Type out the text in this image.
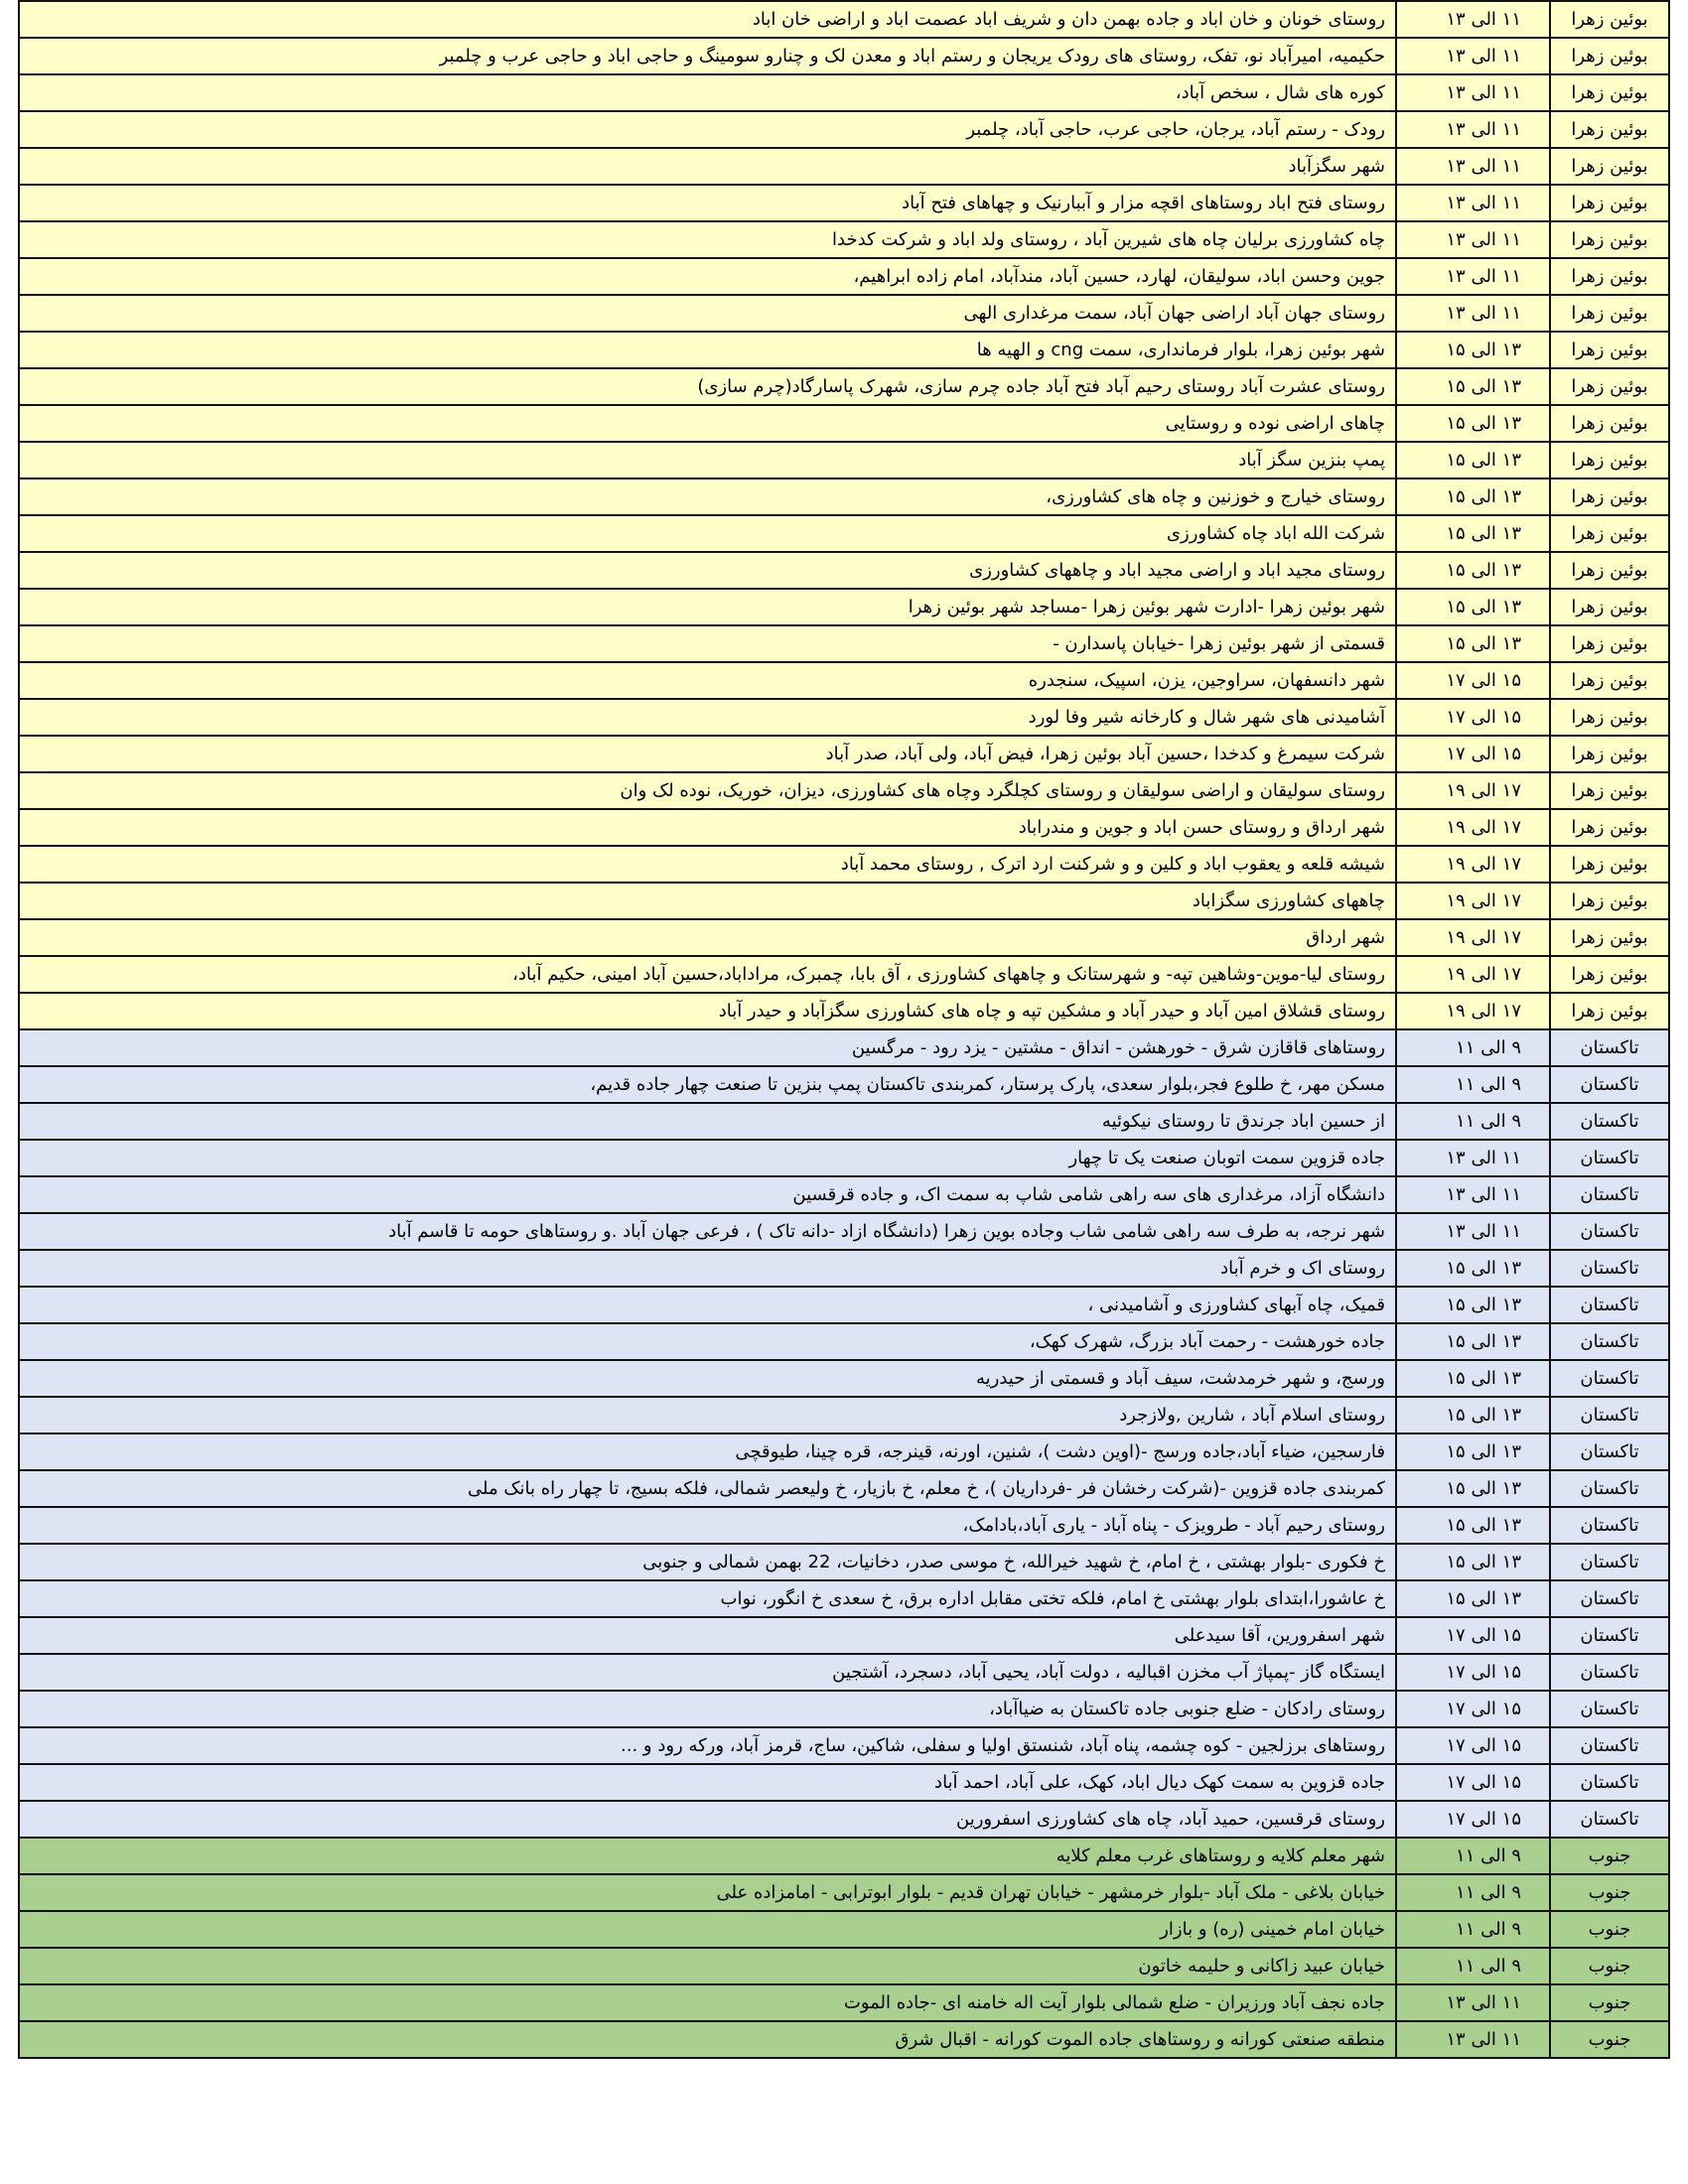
بوئین زهرا	۱۱ الی ۱۳	روستای خونان و خان اباد و جاده بهمن دان و شریف اباد عصمت اباد و اراضی خان اباد
بوئین زهرا	۱۱ الی ۱۳	حکیمیه، امیرآباد نو، تفک، روستای های رودک یریجان و رستم اباد و معدن لک و چنارو سومینگ و حاجی اباد و حاجی عرب و چلمبر
بوئین زهرا	۱۱ الی ۱۳	کوره های شال ، سخص آباد،
بوئین زهرا	۱۱ الی ۱۳	رودک - رستم آباد، یرجان، حاجی عرب، حاجی آباد، چلمبر
بوئین زهرا	۱۱ الی ۱۳	شهر سگزآباد
بوئین زهرا	۱۱ الی ۱۳	روستای فتح اباد روستاهای اقچه مزار و آببارنیک و چهاهای فتح آباد
بوئین زهرا	۱۱ الی ۱۳	چاه کشاورزی برلیان چاه های شیرین آباد ، روستای ولد اباد و شرکت کدخدا
بوئین زهرا	۱۱ الی ۱۳	جوین وحسن اباد، سولیقان، لهارد، حسین آباد، مندآباد، امام زاده ابراهیم،
بوئین زهرا	۱۱ الی ۱۳	روستای جهان آباد اراضی جهان آباد، سمت مرغداری الهی
بوئین زهرا	۱۳ الی ۱۵	شهر بوئین زهرا، بلوار فرمانداری، سمت cng و الهیه ها
بوئین زهرا	۱۳ الی ۱۵	روستای عشرت آباد روستای رحیم آباد فتح آباد جاده چرم سازی، شهرک پاسارگاد(چرم سازی)
بوئین زهرا	۱۳ الی ۱۵	چاهای اراضی نوده و روستایی
بوئین زهرا	۱۳ الی ۱۵	پمپ بنزین سگز آباد
بوئین زهرا	۱۳ الی ۱۵	روستای خیارج و خوزنین و چاه های کشاورزی،
بوئین زهرا	۱۳ الی ۱۵	شرکت الله اباد چاه کشاورزی
بوئین زهرا	۱۳ الی ۱۵	روستای مجید اباد و اراضی مجید اباد و چاههای کشاورزی
بوئین زهرا	۱۳ الی ۱۵	شهر بوئین زهرا -ادارت شهر بوئین زهرا -مساجد شهر بوئین زهرا
بوئین زهرا	۱۳ الی ۱۵	قسمتی از شهر بوئین زهرا -خیابان پاسدارن -
بوئین زهرا	۱۵ الی ۱۷	شهر دانسفهان، سراوجین، یزن، اسپیک، سنجدره
بوئین زهرا	۱۵ الی ۱۷	آشامیدنی های شهر شال و کارخانه شیر وفا لورد
بوئین زهرا	۱۵ الی ۱۷	شرکت سیمرغ و کدخدا ،حسین آباد بوئین زهرا، فیض آباد، ولی آباد، صدر آباد
بوئین زهرا	۱۷ الی ۱۹	روستای سولیقان و اراضی سولیقان و روستای کچلگرد وچاه های کشاورزی، دیزان، خوریک، نوده لک وان
بوئین زهرا	۱۷ الی ۱۹	شهر ارداق و روستای حسن اباد و جوین و مندراباد
بوئین زهرا	۱۷ الی ۱۹	شیشه قلعه و یعقوب اباد و کلین و و شرکنت ارد اترک , روستای محمد آباد
بوئین زهرا	۱۷ الی ۱۹	چاههای کشاورزی سگزاباد
بوئین زهرا	۱۷ الی ۱۹	شهر ارداق
بوئین زهرا	۱۷ الی ۱۹	روستای لیا-موین-وشاهین تپه- و شهرستانک و چاههای کشاورزی ، آق بابا، چمبرک، مراداباد،حسین آباد امینی، حکیم آباد،
بوئین زهرا	۱۷ الی ۱۹	روستای قشلاق امین آباد و حیدر آباد و مشکین تپه و چاه های کشاورزی سگزآباد و حیدر آباد
تاکستان	۹ الی ۱۱	روستاهای قاقازن شرق - خورهشن - انداق - مشتین - یزد رود - مرگسین
تاکستان	۹ الی ۱۱	مسکن مهر، خ طلوع فجر،بلوار سعدی، پارک پرستار، کمربندی تاکستان پمپ بنزین تا صنعت چهار جاده قدیم،
تاکستان	۹ الی ۱۱	از حسین اباد جرندق تا روستای نیکوئیه
تاکستان	۱۱ الی ۱۳	جاده قزوین سمت اتوبان صنعت یک تا چهار
تاکستان	۱۱ الی ۱۳	دانشگاه آزاد، مرغداری های سه راهی شامی شاپ به سمت اک، و جاده قرقسین
تاکستان	۱۱ الی ۱۳	شهر نرجه، به طرف سه راهی شامی شاب وجاده بوین زهرا (دانشگاه ازاد -دانه تاک ) ، فرعی جهان آباد .و روستاهای حومه تا قاسم آباد
تاکستان	۱۳ الی ۱۵	روستای اک و خرم آباد
تاکستان	۱۳ الی ۱۵	قمیک، چاه آبهای کشاورزی و آشامیدنی ،
تاکستان	۱۳ الی ۱۵	جاده خورهشت - رحمت آباد بزرگ، شهرک کهک،
تاکستان	۱۳ الی ۱۵	ورسج، و شهر خرمدشت، سیف آباد و قسمتی از حیدریه
تاکستان	۱۳ الی ۱۵	روستای اسلام آباد ، شارین ,ولازجرد
تاکستان	۱۳ الی ۱۵	فارسجین، ضیاء آباد،جاده ورسج -(اوین دشت )، شنین، اورنه، قینرجه، قره چینا، طیوقچی
تاکستان	۱۳ الی ۱۵	کمربندی جاده قزوین -(شرکت رخشان فر -فرداریان )، خ معلم، خ بازیار، خ ولیعصر شمالی، فلکه بسیج، تا چهار راه بانک ملی
تاکستان	۱۳ الی ۱۵	روستای رحیم آباد - طرویزک - پناه آباد - یاری آباد،بادامک،
تاکستان	۱۳ الی ۱۵	خ فکوری -بلوار بهشتی ، خ امام، خ شهید خیرالله، خ موسی صدر، دخانیات، 22 بهمن شمالی و جنوبی
تاکستان	۱۳ الی ۱۵	خ عاشورا،ابتدای بلوار بهشتی خ امام، فلکه تختی مقابل اداره برق، خ سعدی خ انگور، نواب
تاکستان	۱۵ الی ۱۷	شهر اسفرورین، آقا سیدعلی
تاکستان	۱۵ الی ۱۷	ایستگاه گاز -پمپاژ آب مخزن اقبالیه ، دولت آباد، یحیی آباد، دسجرد، آشتجین
تاکستان	۱۵ الی ۱۷	روستای رادکان - ضلع جنوبی جاده تاکستان به ضیاآباد،
تاکستان	۱۵ الی ۱۷	روستاهای برزلجین - کوه چشمه، پناه آباد، شنستق اولیا و سفلی، شاکین، ساج، قرمز آباد، ورکه رود و ...
تاکستان	۱۵ الی ۱۷	جاده قزوین به سمت کهک دیال اباد، کهک، علی آباد، احمد آباد
تاکستان	۱۵ الی ۱۷	روستای قرقسین، حمید آباد، چاه های کشاورزی اسفرورین
جنوب	۹ الی ۱۱	شهر معلم کلایه و روستاهای غرب معلم کلایه
جنوب	۹ الی ۱۱	خیابان بلاغی - ملک آباد -بلوار خرمشهر - خیابان تهران قدیم - بلوار ابوترابی - امامزاده علی
جنوب	۹ الی ۱۱	خیابان امام خمینی (ره) و بازار
جنوب	۹ الی ۱۱	خیابان عبید زاکانی و حلیمه خاتون
جنوب	۱۱ الی ۱۳	جاده نجف آباد ورزیران - ضلع شمالی بلوار آیت اله خامنه ای -جاده الموت
جنوب	۱۱ الی ۱۳	منطقه صنعتی کورانه و روستاهای جاده الموت کورانه - اقبال شرق
